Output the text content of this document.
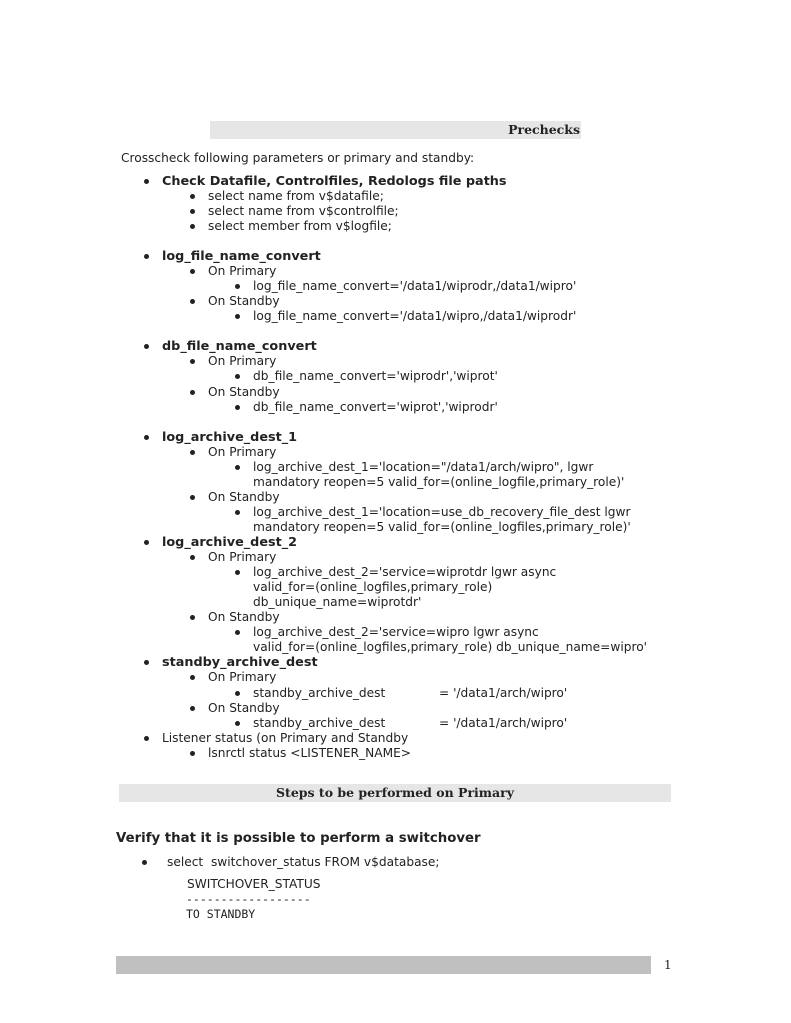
Prechecks
Crosscheck following parameters or primary and standby:
Check Datafile, Controlfiles, Redologs file paths
select name from v$datafile;
select name from v$controlfile;
select member from v$logfile;
log_file_name_convert
On Primary
log_file_name_convert='/data1/wiprodr,/data1/wipro'
On Standby
log_file_name_convert='/data1/wipro,/data1/wiprodr'
db_file_name_convert
On Primary
db_file_name_convert='wiprodr','wiprot'
On Standby
db_file_name_convert='wiprot','wiprodr'
log_archive_dest_1
On Primary
log_archive_dest_1='location="/data1/arch/wipro", lgwr
mandatory reopen=5 valid_for=(online_logfile,primary_role)'
On Standby
log_archive_dest_1='location=use_db_recovery_file_dest lgwr
mandatory reopen=5 valid_for=(online_logfiles,primary_role)'
log_archive_dest_2
On Primary
log_archive_dest_2='service=wiprotdr lgwr async
valid_for=(online_logfiles,primary_role)
db_unique_name=wiprotdr'
On Standby
log_archive_dest_2='service=wipro lgwr async
valid_for=(online_logfiles,primary_role) db_unique_name=wipro'
standby_archive_dest
On Primary
standby_archive_dest	= '/data1/arch/wipro'
On Standby
standby_archive_dest	= '/data1/arch/wipro'
Listener status (on Primary and Standby
lsnrctl status <LISTENER_NAME>
Steps to be performed on Primary
Verify that it is possible to perform a switchover
select  switchover_status FROM v$database;
SWITCHOVER_STATUS
------------------
TO STANDBY
1
